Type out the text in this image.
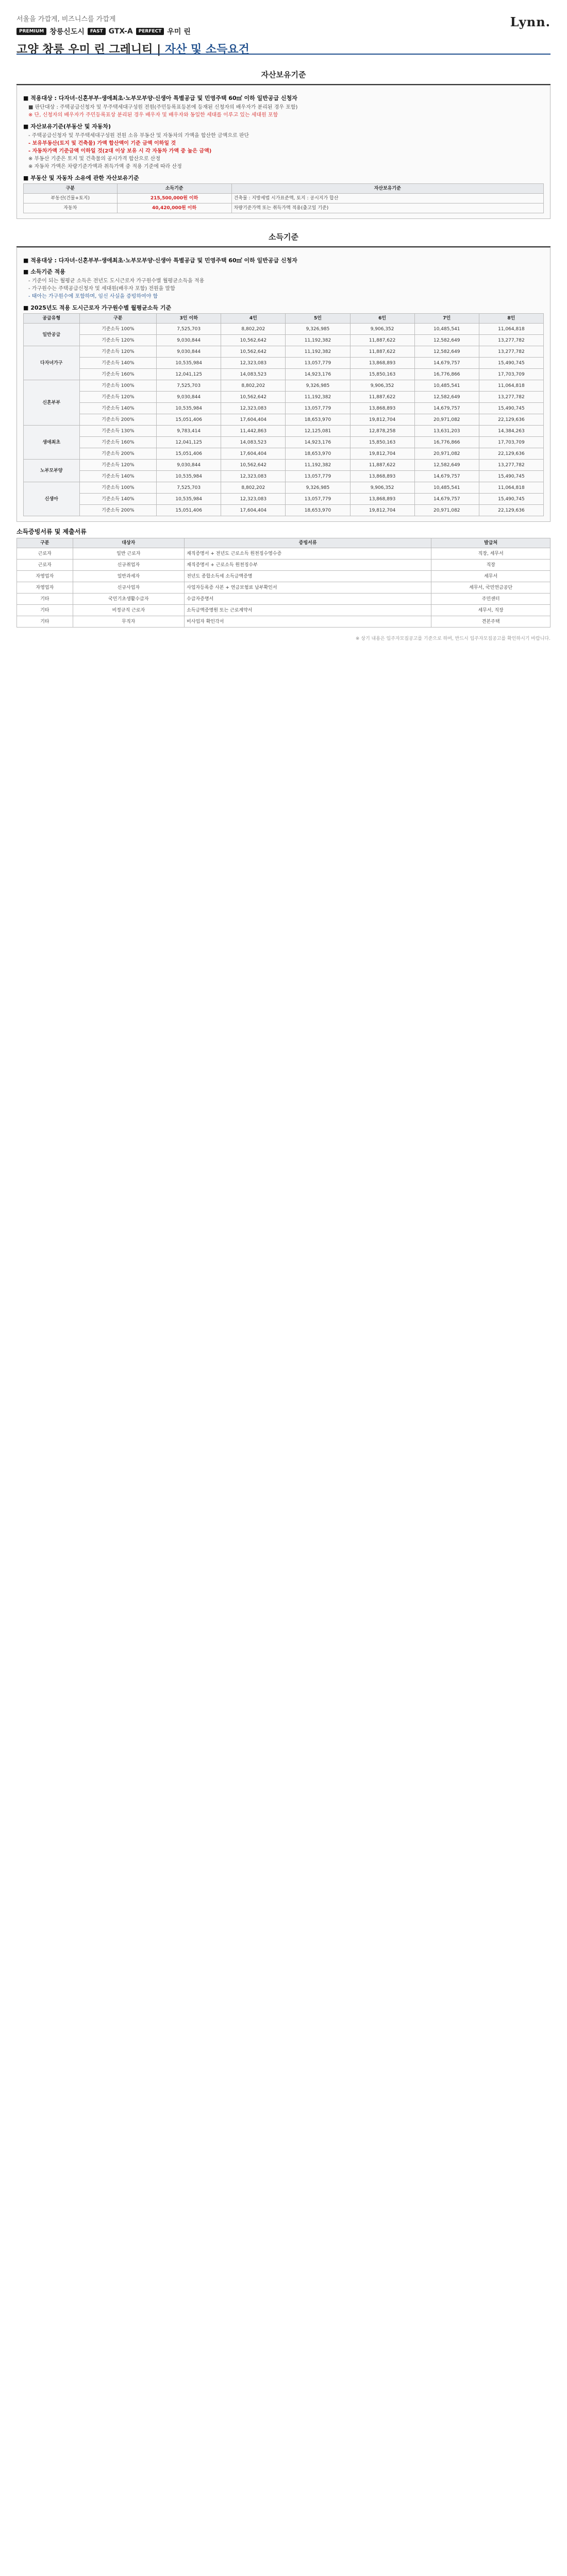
서울을 가깝게, 비즈니스를 가깝게
PREMIUM 창릉신도시	FAST GTX-A	PERFECT 우미 린
고양 창릉 우미 린 그레니티 | 자산 및 소득요건
Lynn.
자산보유기준
■ 적용대상 : 다자녀·신혼부부·생애최초·노부모부양·신생아 특별공급 및 민영주택 60㎡ 이하 일반공급 신청자
■ 판단대상 : 주택공급신청자 및 무주택세대구성원 전원(주민등록표등본에 등재된 신청자의 배우자가 분리된 경우 포함)
※ 단, 신청자의 배우자가 주민등록표상 분리된 경우 배우자 및 배우자와 동일한 세대를 이루고 있는 세대원 포함
■ 자산보유기준(부동산 및 자동차)
- 주택공급신청자 및 무주택세대구성원 전원 소유 부동산 및 자동차의 가액을 합산한 금액으로 판단
- 보유부동산(토지 및 건축물) 가액 합산액이 기준 금액 이하일 것
- 자동차가액 기준금액 이하일 것(2대 이상 보유 시 각 자동차 가액 중 높은 금액)
※ 부동산 기준은 토지 및 건축물의 공시가격 합산으로 산정
※ 자동차 가액은 차량기준가액과 취득가액 중 적용 기준에 따라 산정
■ 부동산 및 자동차 소유에 관한 자산보유기준
구분	소득기준	자산보유기준
부동산(건물+토지)	215,500,000원 이하	건축물 : 지방세법 시가표준액, 토지 : 공시지가 합산
자동차	40,420,000원 이하	차량기준가액 또는 취득가액 적용(출고일 기준)
소득기준
■ 적용대상 : 다자녀·신혼부부·생애최초·노부모부양·신생아 특별공급 및 민영주택 60㎡ 이하 일반공급 신청자
■ 소득기준 적용
- 기준이 되는 월평균 소득은 전년도 도시근로자 가구원수별 월평균소득을 적용
- 가구원수는 주택공급신청자 및 세대원(배우자 포함) 전원을 말함
- 태아는 가구원수에 포함하며, 임신 사실을 증빙하여야 함
■ 2025년도 적용 도시근로자 가구원수별 월평균소득 기준
공급유형	구분	3인 이하	4인	5인	6인	7인	8인
일반공급	기준소득 100%	7,525,703	8,802,202	9,326,985	9,906,352	10,485,541	11,064,818
	기준소득 120%	9,030,844	10,562,642	11,192,382	11,887,622	12,582,649	13,277,782
다자녀가구	기준소득 120%	9,030,844	10,562,642	11,192,382	11,887,622	12,582,649	13,277,782
	기준소득 140%	10,535,984	12,323,083	13,057,779	13,868,893	14,679,757	15,490,745
	기준소득 160%	12,041,125	14,083,523	14,923,176	15,850,163	16,776,866	17,703,709
신혼부부	기준소득 100%	7,525,703	8,802,202	9,326,985	9,906,352	10,485,541	11,064,818
	기준소득 120%	9,030,844	10,562,642	11,192,382	11,887,622	12,582,649	13,277,782
	기준소득 140%	10,535,984	12,323,083	13,057,779	13,868,893	14,679,757	15,490,745
	기준소득 200%	15,051,406	17,604,404	18,653,970	19,812,704	20,971,082	22,129,636
생애최초	기준소득 130%	9,783,414	11,442,863	12,125,081	12,878,258	13,631,203	14,384,263
	기준소득 160%	12,041,125	14,083,523	14,923,176	15,850,163	16,776,866	17,703,709
	기준소득 200%	15,051,406	17,604,404	18,653,970	19,812,704	20,971,082	22,129,636
노부모부양	기준소득 120%	9,030,844	10,562,642	11,192,382	11,887,622	12,582,649	13,277,782
	기준소득 140%	10,535,984	12,323,083	13,057,779	13,868,893	14,679,757	15,490,745
신생아	기준소득 100%	7,525,703	8,802,202	9,326,985	9,906,352	10,485,541	11,064,818
	기준소득 140%	10,535,984	12,323,083	13,057,779	13,868,893	14,679,757	15,490,745
	기준소득 200%	15,051,406	17,604,404	18,653,970	19,812,704	20,971,082	22,129,636
소득증빙서류 및 제출서류
구분	대상자	증빙서류	발급처
근로자	일반 근로자	재직증명서 + 전년도 근로소득 원천징수영수증	직장, 세무서
근로자	신규취업자	재직증명서 + 근로소득 원천징수부	직장
자영업자	일반과세자	전년도 종합소득세 소득금액증명	세무서
자영업자	신규사업자	사업자등록증 사본 + 연금보험료 납부확인서	세무서, 국민연금공단
기타	국민기초생활수급자	수급자증명서	주민센터
기타	비정규직 근로자	소득금액증명원 또는 근로계약서	세무서, 직장
기타	무직자	비사업자 확인각서	견본주택
※ 상기 내용은 입주자모집공고를 기준으로 하며, 반드시 입주자모집공고를 확인하시기 바랍니다.
